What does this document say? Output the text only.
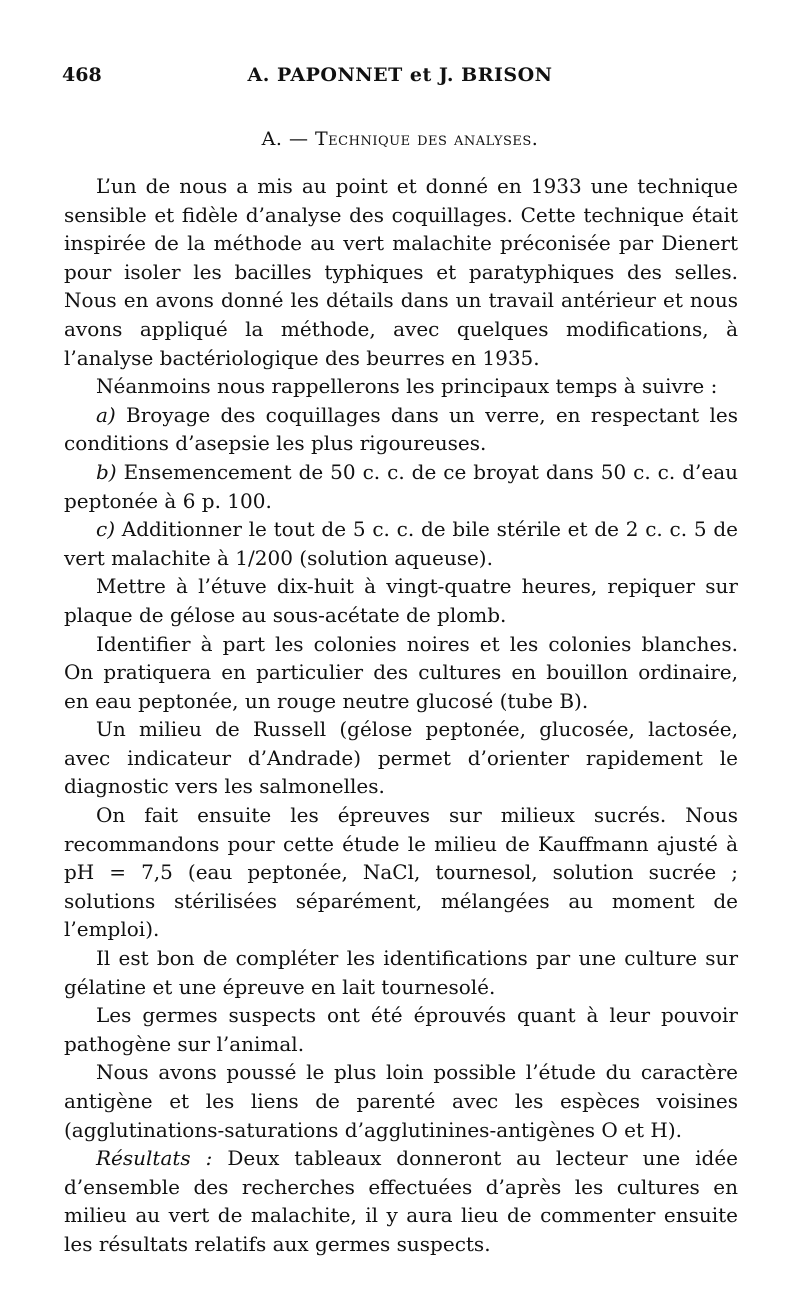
468	A. PAPONNET et J. BRISON
A. — Technique des analyses.

L’un de nous a mis au point et donné en 1933 une technique sensible et fidèle d’analyse des coquillages. Cette technique était inspirée de la méthode au vert malachite préconisée par Dienert pour isoler les bacilles typhiques et paratyphiques des selles. Nous en avons donné les détails dans un travail antérieur et nous avons appliqué la méthode, avec quelques modifications, à l’analyse bactériologique des beurres en 1935.

Néanmoins nous rappellerons les principaux temps à suivre :

a) Broyage des coquillages dans un verre, en respectant les conditions d’asepsie les plus rigoureuses.

b) Ensemencement de 50 c. c. de ce broyat dans 50 c. c. d’eau peptonée à 6 p. 100.

c) Additionner le tout de 5 c. c. de bile stérile et de 2 c. c. 5 de vert malachite à 1/200 (solution aqueuse).

Mettre à l’étuve dix-huit à vingt-quatre heures, repiquer sur plaque de gélose au sous-acétate de plomb.

Identifier à part les colonies noires et les colonies blanches. On pratiquera en particulier des cultures en bouillon ordinaire, en eau peptonée, un rouge neutre glucosé (tube B).

Un milieu de Russell (gélose peptonée, glucosée, lactosée, avec indicateur d’Andrade) permet d’orienter rapidement le diagnostic vers les salmonelles.

On fait ensuite les épreuves sur milieux sucrés. Nous recommandons pour cette étude le milieu de Kauffmann ajusté à pH = 7,5 (eau peptonée, NaCl, tournesol, solution sucrée ; solutions stérilisées séparément, mélangées au moment de l’emploi).

Il est bon de compléter les identifications par une culture sur gélatine et une épreuve en lait tournesolé.

Les germes suspects ont été éprouvés quant à leur pouvoir pathogène sur l’animal.

Nous avons poussé le plus loin possible l’étude du caractère antigène et les liens de parenté avec les espèces voisines (agglutinations-saturations d’agglutinines-antigènes O et H).

Résultats : Deux tableaux donneront au lecteur une idée d’ensemble des recherches effectuées d’après les cultures en milieu au vert de malachite, il y aura lieu de commenter ensuite les résultats relatifs aux germes suspects.
